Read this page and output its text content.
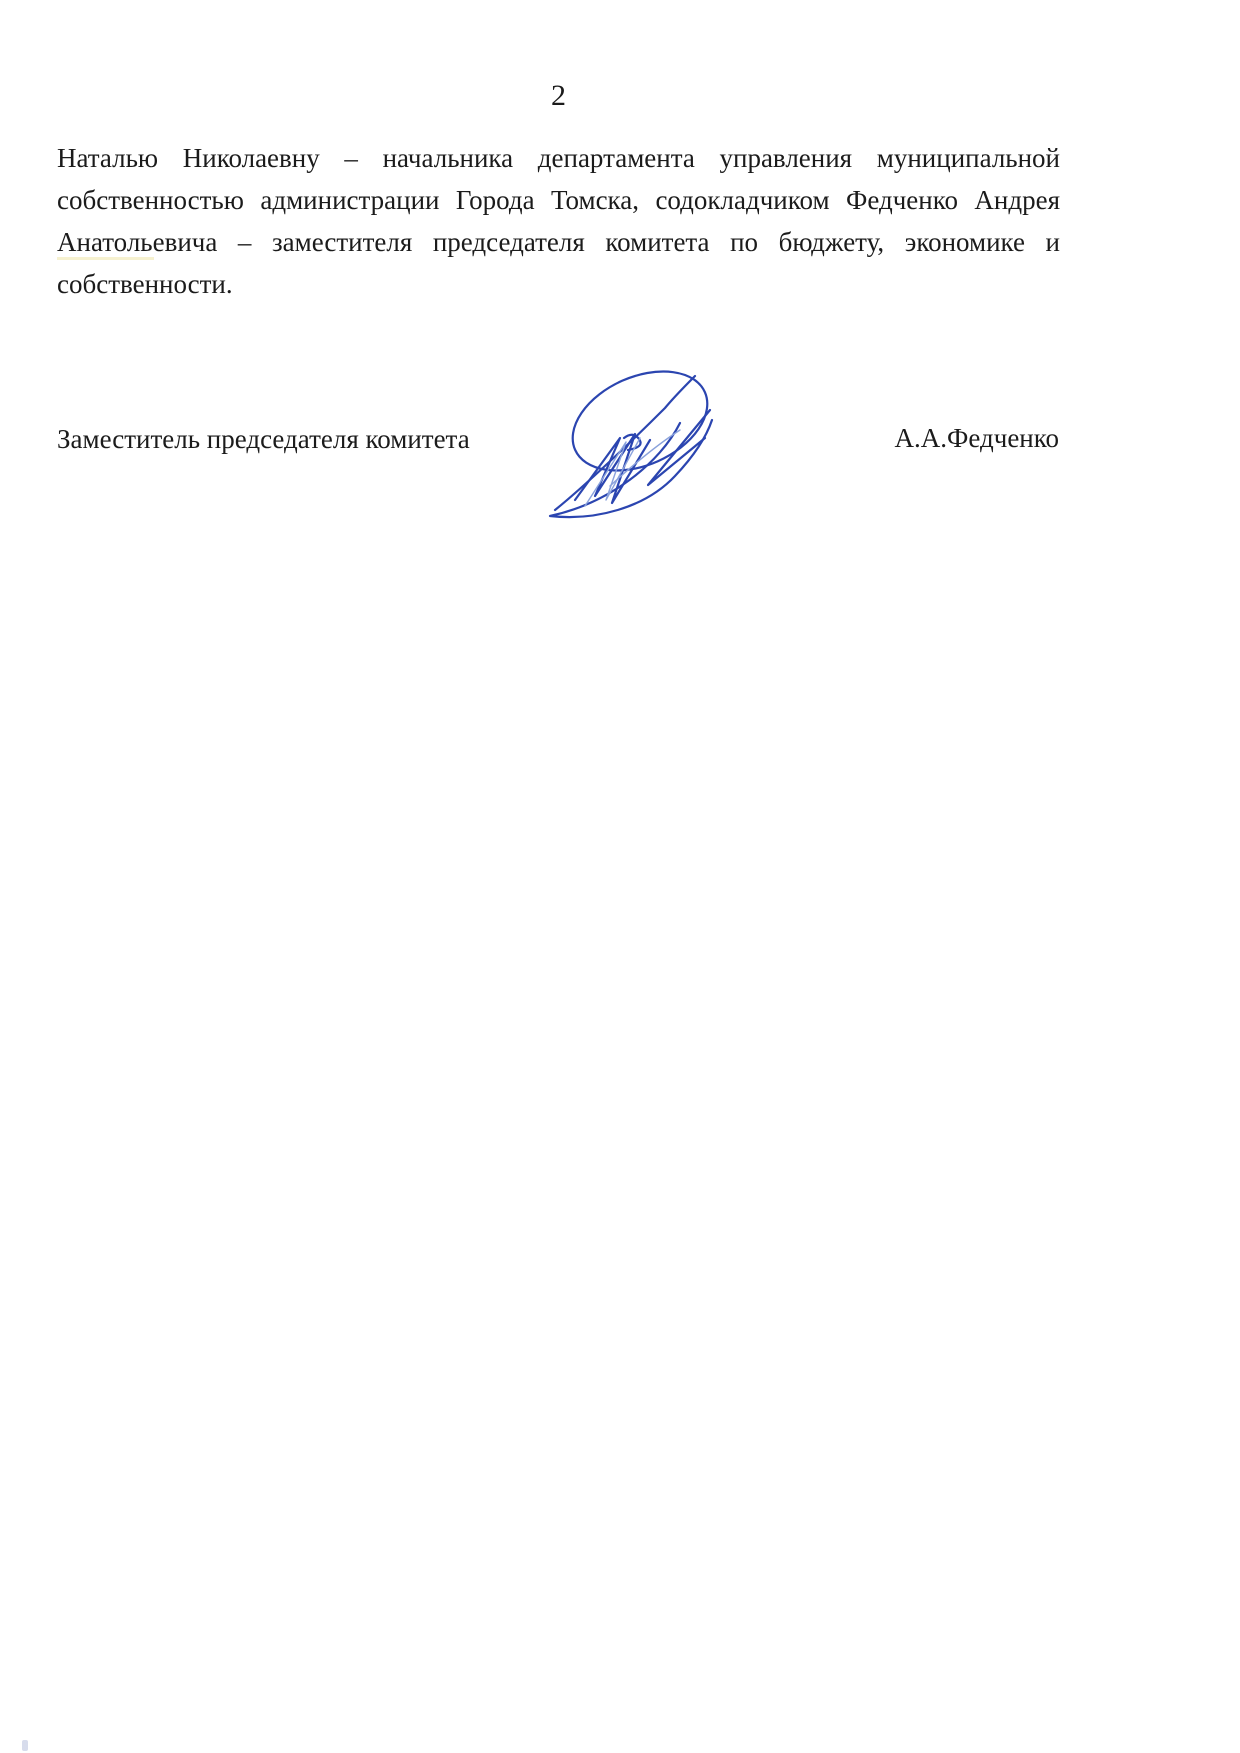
2
Наталью Николаевну – начальника департамента управления муниципальной
собственностью администрации Города Томска, содокладчиком Федченко Андрея
Анатольевича – заместителя председателя комитета по бюджету, экономике и
собственности.
Заместитель председателя комитета	А.А.Федченко
